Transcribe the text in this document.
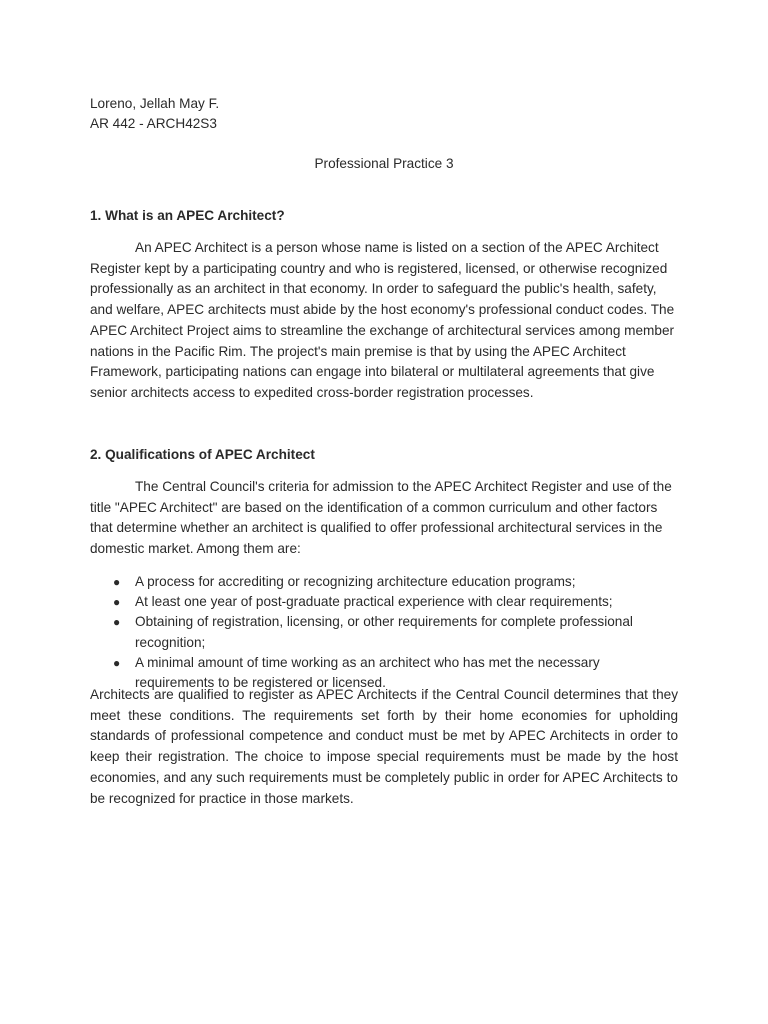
Loreno, Jellah May F.
AR 442 - ARCH42S3
Professional Practice 3
1. What is an APEC Architect?

An APEC Architect is a person whose name is listed on a section of the APEC Architect Register kept by a participating country and who is registered, licensed, or otherwise recognized professionally as an architect in that economy. In order to safeguard the public's health, safety, and welfare, APEC architects must abide by the host economy's professional conduct codes. The APEC Architect Project aims to streamline the exchange of architectural services among member nations in the Pacific Rim. The project's main premise is that by using the APEC Architect Framework, participating nations can engage into bilateral or multilateral agreements that give senior architects access to expedited cross-border registration processes.

2. Qualifications of APEC Architect

The Central Council's criteria for admission to the APEC Architect Register and use of the title "APEC Architect" are based on the identification of a common curriculum and other factors that determine whether an architect is qualified to offer professional architectural services in the domestic market. Among them are:

● A process for accrediting or recognizing architecture education programs;
● At least one year of post-graduate practical experience with clear requirements;
● Obtaining of registration, licensing, or other requirements for complete professional recognition;
● A minimal amount of time working as an architect who has met the necessary requirements to be registered or licensed.

Architects are qualified to register as APEC Architects if the Central Council determines that they meet these conditions. The requirements set forth by their home economies for upholding standards of professional competence and conduct must be met by APEC Architects in order to keep their registration. The choice to impose special requirements must be made by the host economies, and any such requirements must be completely public in order for APEC Architects to be recognized for practice in those markets.
